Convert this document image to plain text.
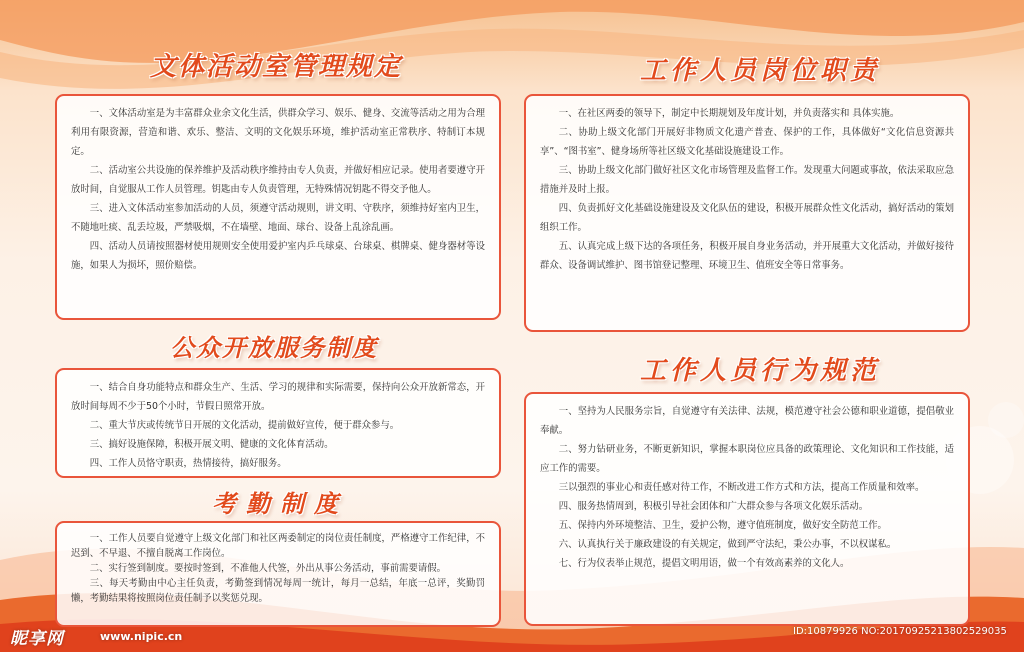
文体活动室管理规定

一、文体活动室是为丰富群众业余文化生活，供群众学习、娱乐、健身、交流等活动之用为合理利用有限资源，营造和谐、欢乐、整洁、文明的文化娱乐环境，维护活动室正常秩序、特制订本规定。

二、活动室公共设施的保养维护及活动秩序维持由专人负责，并做好相应记录。使用者要遵守开放时间，自觉服从工作人员管理。钥匙由专人负责管理，无特殊情况钥匙不得交予他人。

三、进入文体活动室参加活动的人员，须遵守活动规则，讲文明、守秩序，须维持好室内卫生，不随地吐痰、乱丢垃圾，严禁吸烟，不在墙壁、地面、球台、设备上乱涂乱画。

四、活动人员请按照器材使用规则安全使用爱护室内乒乓球桌、台球桌、棋牌桌、健身器材等设施，如果人为损坏，照价赔偿。

公众开放服务制度

一、结合自身功能特点和群众生产、生活、学习的规律和实际需要，保持向公众开放新常态，开放时间每周不少于50个小时，节假日照常开放。

二、重大节庆或传统节日开展的文化活动，提前做好宣传，便于群众参与。

三、搞好设施保障，积极开展文明、健康的文化体育活动。

四、工作人员恪守职责，热情接待，搞好服务。

考勤制度

一、工作人员要自觉遵守上级文化部门和社区两委制定的岗位责任制度，严格遵守工作纪律，不迟到、不早退、不擅自脱离工作岗位。

二、实行签到制度。要按时签到，不准他人代签，外出从事公务活动，事前需要请假。

三、每天考勤由中心主任负责，考勤签到情况每周一统计，每月一总结，年底一总评，奖勤罚懒，考勤结果将按照岗位责任制予以奖惩兑现。

工作人员岗位职责

一、在社区两委的领导下，制定中长期规划及年度计划，并负责落实和 具体实施。

二、协助上级文化部门开展好非物质文化遗产普查、保护的工作，具体做好“文化信息资源共享”、“图书室”、健身场所等社区级文化基础设施建设工作。

三、协助上级文化部门做好社区文化市场管理及监督工作。发现重大问题或事故，依法采取应急措施并及时上报。

四、负责抓好文化基础设施建设及文化队伍的建设，积极开展群众性文化活动，搞好活动的策划组织工作。

五、认真完成上级下达的各项任务，积极开展自身业务活动，并开展重大文化活动，并做好接待群众、设备调试维护、图书馆登记整理、环境卫生、值班安全等日常事务。

工作人员行为规范

一、坚持为人民服务宗旨，自觉遵守有关法律、法规，模范遵守社会公德和职业道德，提倡敬业奉献。

二、努力钻研业务，不断更新知识，掌握本职岗位应具备的政策理论、文化知识和工作技能，适应工作的需要。

三以强烈的事业心和责任感对待工作，不断改进工作方式和方法，提高工作质量和效率。

四、服务热情周到，积极引导社会团体和广大群众参与各项文化娱乐活动。

五、保持内外环境整洁、卫生，爱护公物，遵守值班制度，做好安全防范工作。

六、认真执行关于廉政建设的有关规定，做到严守法纪，秉公办事，不以权谋私。

七、行为仪表举止规范，提倡文明用语，做一个有效高素养的文化人。

昵享网	www.nipic.cn	ID:10879926 NO:20170925213802529035
